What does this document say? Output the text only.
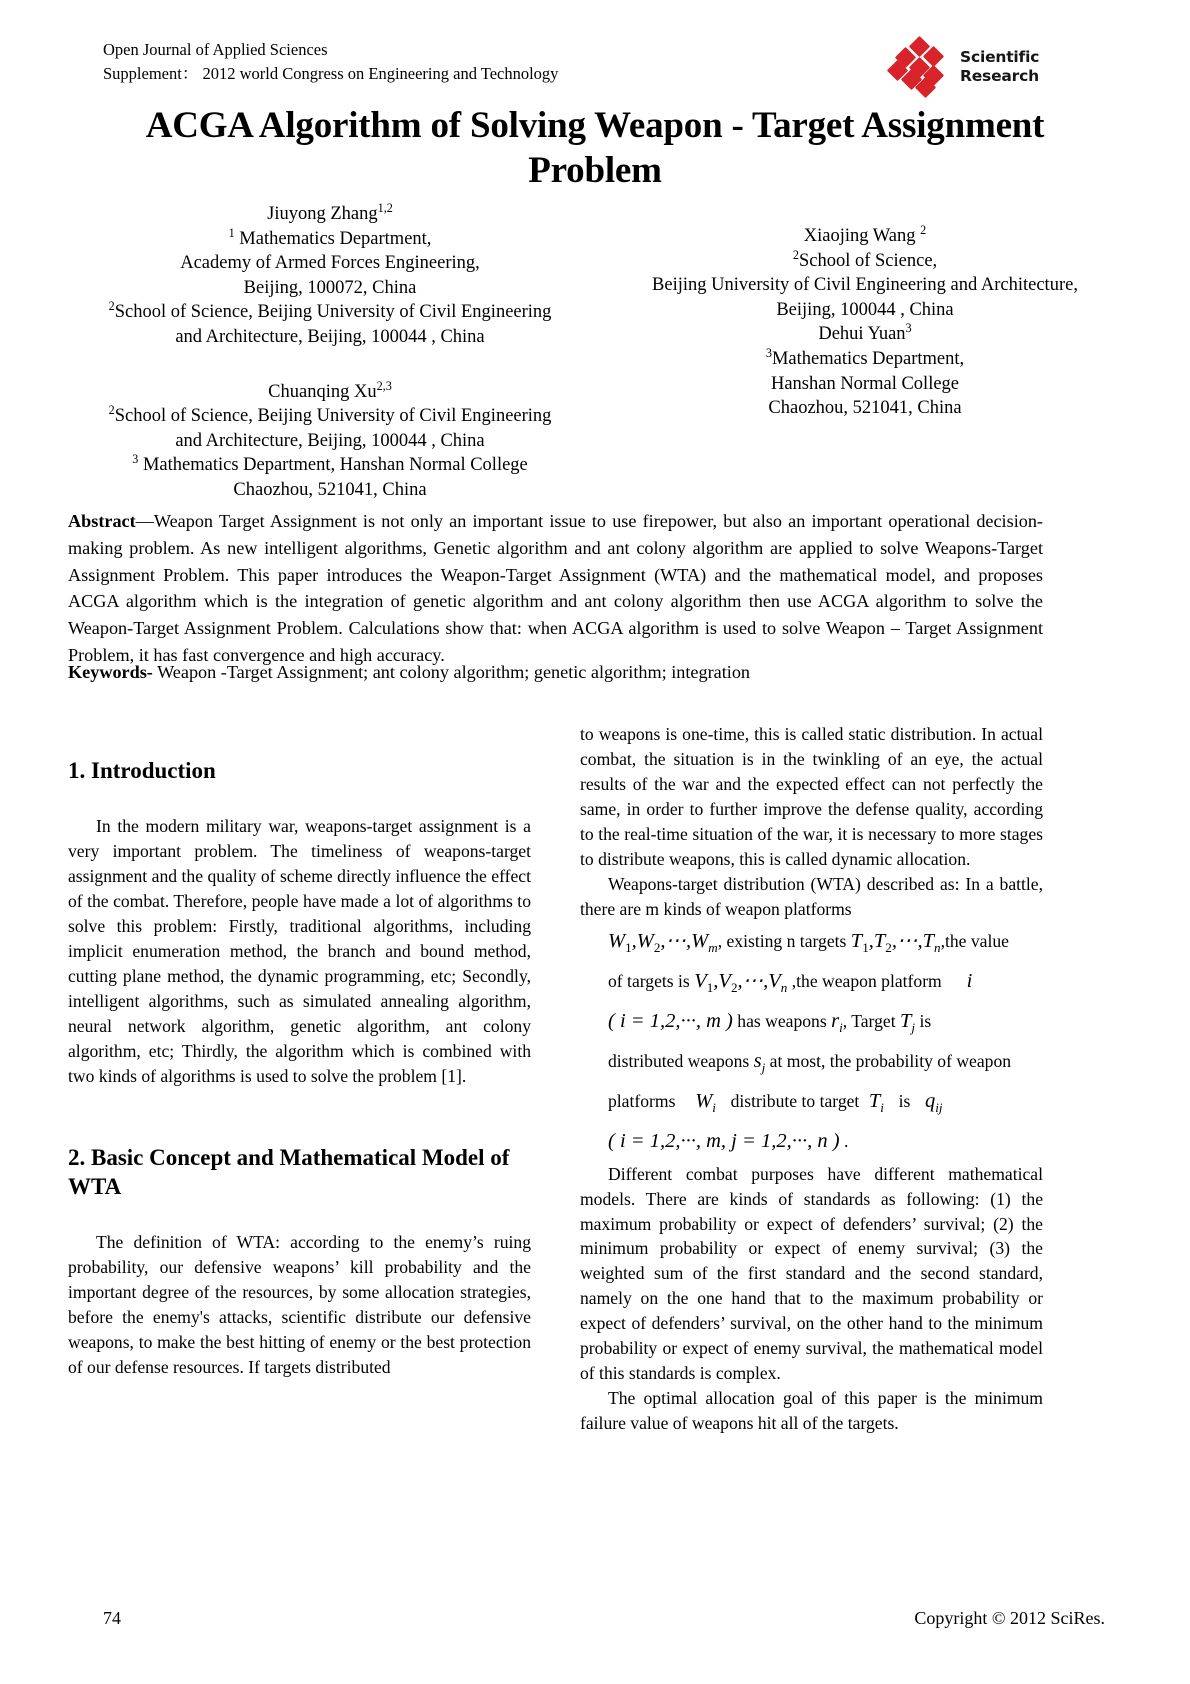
Open Journal of Applied Sciences
Supplement： 2012 world Congress on Engineering and Technology
Scientific
Research
ACGA Algorithm of Solving Weapon - Target Assignment Problem
Jiuyong Zhang$^{1,2}$
$^1$ Mathematics Department,
Academy of Armed Forces Engineering,
Beijing, 100072, China
$^2$School of Science, Beijing University of Civil Engineering
and Architecture, Beijing, 100044 , China
Chuanqing Xu$^{2,3}$
$^2$School of Science, Beijing University of Civil Engineering
and Architecture, Beijing, 100044 , China
$^3$ Mathematics Department, Hanshan Normal College
Chaozhou, 521041, China
Xiaojing Wang $^2$
$^2$School of Science,
Beijing University of Civil Engineering and Architecture,
Beijing, 100044 , China
Dehui Yuan$^3$
$^3$Mathematics Department,
Hanshan Normal College
Chaozhou, 521041, China
Abstract—Weapon Target Assignment is not only an important issue to use firepower, but also an important operational decision-making problem. As new intelligent algorithms, Genetic algorithm and ant colony algorithm are applied to solve Weapons-Target Assignment Problem. This paper introduces the Weapon-Target Assignment (WTA) and the mathematical model, and proposes ACGA algorithm which is the integration of genetic algorithm and ant colony algorithm then use ACGA algorithm to solve the Weapon-Target Assignment Problem. Calculations show that: when ACGA algorithm is used to solve Weapon – Target Assignment Problem, it has fast convergence and high accuracy.
Keywords- Weapon -Target Assignment; ant colony algorithm; genetic algorithm; integration
1. Introduction

In the modern military war, weapons-target assignment is a very important problem. The timeliness of weapons-target assignment and the quality of scheme directly influence the effect of the combat. Therefore, people have made a lot of algorithms to solve this problem: Firstly, traditional algorithms, including implicit enumeration method, the branch and bound method, cutting plane method, the dynamic programming, etc; Secondly, intelligent algorithms, such as simulated annealing algorithm, neural network algorithm, genetic algorithm, ant colony algorithm, etc; Thirdly, the algorithm which is combined with two kinds of algorithms is used to solve the problem [1].

2. Basic Concept and Mathematical Model of WTA

The definition of WTA: according to the enemy’s ruing probability, our defensive weapons’ kill probability and the important degree of the resources, by some allocation strategies, before the enemy's attacks, scientific distribute our defensive weapons, to make the best hitting of enemy or the best protection of our defense resources. If targets distributed

to weapons is one-time, this is called static distribution. In actual combat, the situation is in the twinkling of an eye, the actual results of the war and the expected effect can not perfectly the same, in order to further improve the defense quality, according to the real-time situation of the war, it is necessary to more stages to distribute weapons, this is called dynamic allocation.

Weapons-target distribution (WTA) described as: In a battle, there are m kinds of weapon platforms

$W_1,W_2,\cdots,W_m$, existing n targets $T_1,T_2,\cdots,T_n,the$ value

of targets is $V_1,V_2,\cdots,V_n$ ,the weapon platform     i

( i = 1,2,···, m ) has weapons $r_i$, Target $T_j$ is

distributed weapons $s_j$ at most, the probability of weapon

platforms    $W_i$ distribute to target  $T_i$ is   $q_{ij}$

( i = 1,2,···, m, j = 1,2,···, n ) .

Different combat purposes have different mathematical models. There are kinds of standards as following: (1) the maximum probability or expect of defenders’ survival; (2) the minimum probability or expect of enemy survival; (3) the weighted sum of the first standard and the second standard, namely on the one hand that to the maximum probability or expect of defenders’ survival, on the other hand to the minimum probability or expect of enemy survival, the mathematical model of this standards is complex.

The optimal allocation goal of this paper is the minimum failure value of weapons hit all of the targets.

74	Copyright © 2012 SciRes.
